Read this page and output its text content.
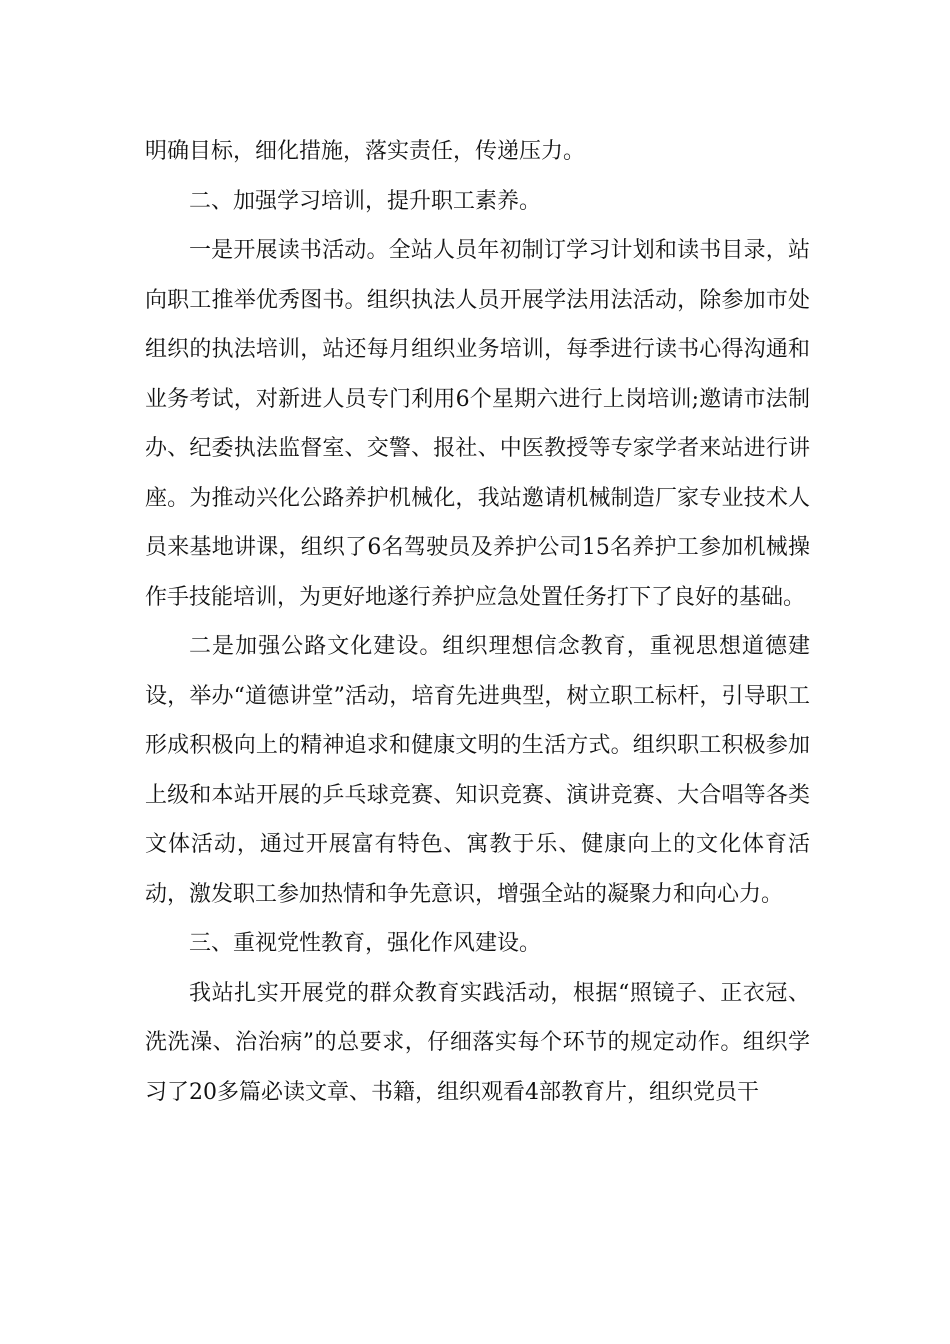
明确目标，细化措施，落实责任，传递压力。

二、加强学习培训，提升职工素养。

一是开展读书活动。全站人员年初制订学习计划和读书目录，站向职工推举优秀图书。组织执法人员开展学法用法活动，除参加市处组织的执法培训，站还每月组织业务培训，每季进行读书心得沟通和业务考试，对新进人员专门利用6个星期六进行上岗培训;邀请市法制办、纪委执法监督室、交警、报社、中医教授等专家学者来站进行讲座。为推动兴化公路养护机械化，我站邀请机械制造厂家专业技术人员来基地讲课，组织了6名驾驶员及养护公司15名养护工参加机械操作手技能培训，为更好地遂行养护应急处置任务打下了良好的基础。

二是加强公路文化建设。组织理想信念教育，重视思想道德建设，举办“道德讲堂”活动，培育先进典型，树立职工标杆，引导职工形成积极向上的精神追求和健康文明的生活方式。组织职工积极参加上级和本站开展的乒乓球竞赛、知识竞赛、演讲竞赛、大合唱等各类文体活动，通过开展富有特色、寓教于乐、健康向上的文化体育活动，激发职工参加热情和争先意识，增强全站的凝聚力和向心力。

三、重视党性教育，强化作风建设。

我站扎实开展党的群众教育实践活动，根据“照镜子、正衣冠、洗洗澡、治治病”的总要求，仔细落实每个环节的规定动作。组织学习了20多篇必读文章、书籍，组织观看4部教育片，组织党员干
